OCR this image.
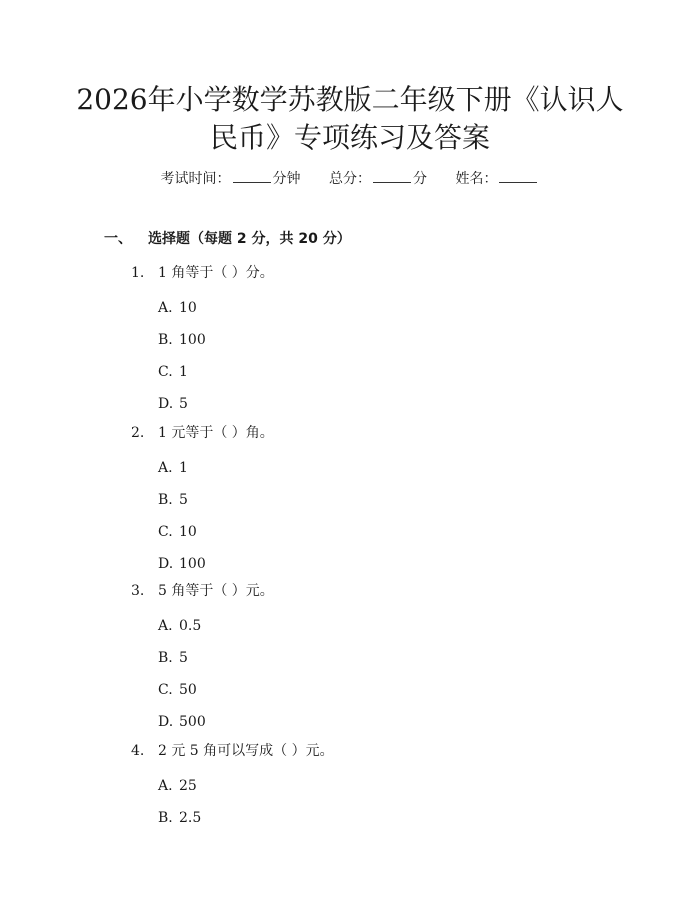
2026年小学数学苏教版二年级下册《认识人
民币》专项练习及答案
考试时间：	分钟 总分：	分 姓名：
一、 选择题（每题 2 分，共 20 分）
1. 1 角等于（ ）分。
A. 10
B. 100
C. 1
D. 5
2. 1 元等于（ ）角。
A. 1
B. 5
C. 10
D. 100
3. 5 角等于（ ）元。
A. 0.5
B. 5
C. 50
D. 500
4. 2 元 5 角可以写成（ ）元。
A. 25
B. 2.5
